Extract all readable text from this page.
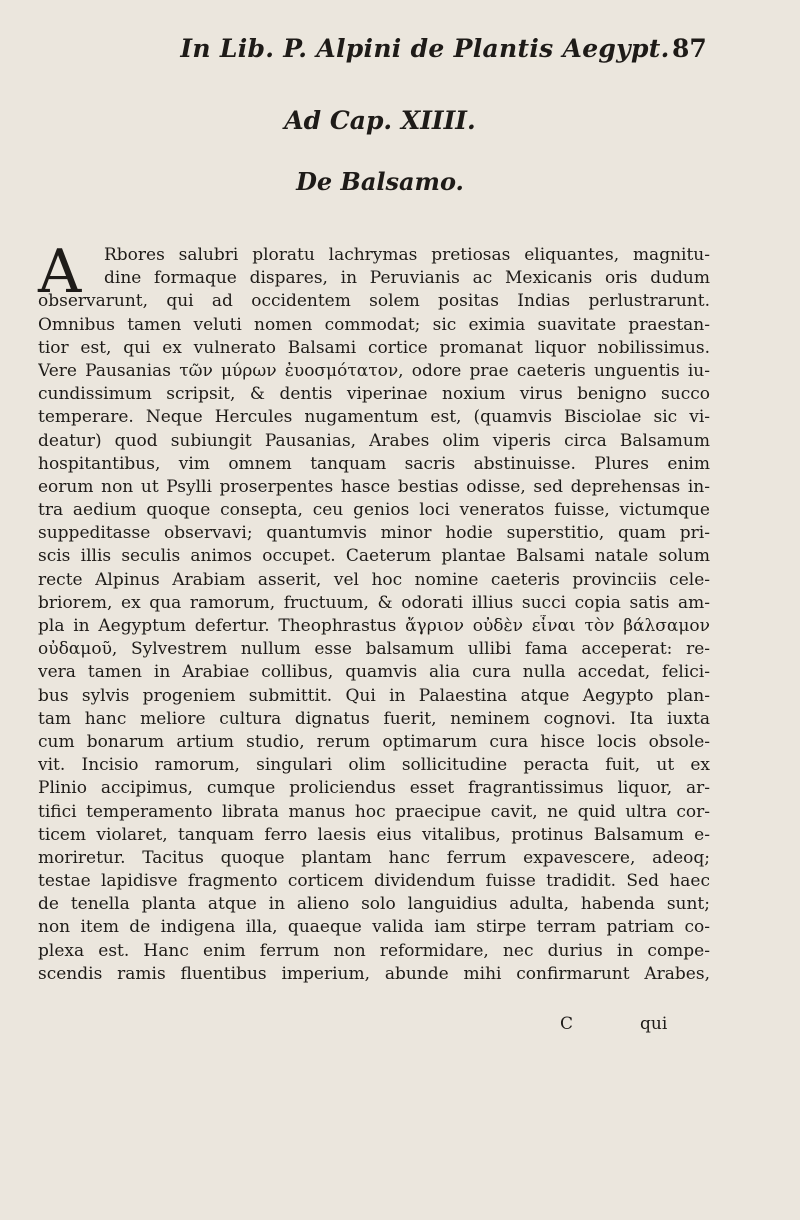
In Lib. P. Alpini de Plantis Aegypt. 87
Ad Cap. XIIII.
De Balsamo.
A	Rbores salubri ploratu lachrymas pretiosas eliquantes, magnitu-
dine formaque dispares, in Peruvianis ac Mexicanis oris dudum
observarunt, qui ad occidentem solem positas Indias perlustrarunt.
Omnibus tamen veluti nomen commodat; sic eximia suavitate praestan-
tior est, qui ex vulnerato Balsami cortice promanat liquor nobilissimus.
Vere Pausanias τῶν μύρων ἐυοσμότατον, odore prae caeteris unguentis iu-
cundissimum scripsit, & dentis viperinae noxium virus benigno succo
temperare. Neque Hercules nugamentum est, (quamvis Bisciolae sic vi-
deatur) quod subiungit Pausanias, Arabes olim viperis circa Balsamum
hospitantibus, vim omnem tanquam sacris abstinuisse. Plures enim
eorum non ut Psylli proserpentes hasce bestias odisse, sed deprehensas in-
tra aedium quoque consepta, ceu genios loci veneratos fuisse, victumque
suppeditasse observavi; quantumvis minor hodie superstitio, quam pri-
scis illis seculis animos occupet. Caeterum plantae Balsami natale solum
recte Alpinus Arabiam asserit, vel hoc nomine caeteris provinciis cele-
briorem, ex qua ramorum, fructuum, & odorati illius succi copia satis am-
pla in Aegyptum defertur. Theophrastus ἄγριον οὐδὲν εἶναι τὸν βάλσαμον
οὐδαμοῦ, Sylvestrem nullum esse balsamum ullibi fama acceperat: re-
vera tamen in Arabiae collibus, quamvis alia cura nulla accedat, felici-
bus sylvis progeniem submittit. Qui in Palaestina atque Aegypto plan-
tam hanc meliore cultura dignatus fuerit, neminem cognovi. Ita iuxta
cum bonarum artium studio, rerum optimarum cura hisce locis obsole-
vit. Incisio ramorum, singulari olim sollicitudine peracta fuit, ut ex
Plinio accipimus, cumque proliciendus esset fragrantissimus liquor, ar-
tifici temperamento librata manus hoc praecipue cavit, ne quid ultra cor-
ticem violaret, tanquam ferro laesis eius vitalibus, protinus Balsamum e-
moriretur. Tacitus quoque plantam hanc ferrum expavescere, adeoq;
testae lapidisve fragmento corticem dividendum fuisse tradidit. Sed haec
de tenella planta atque in alieno solo languidius adulta, habenda sunt;
non item de indigena illa, quaeque valida iam stirpe terram patriam co-
plexa est. Hanc enim ferrum non reformidare, nec durius in compe-
scendis ramis fluentibus imperium, abunde mihi confirmarunt Arabes,
C	qui
